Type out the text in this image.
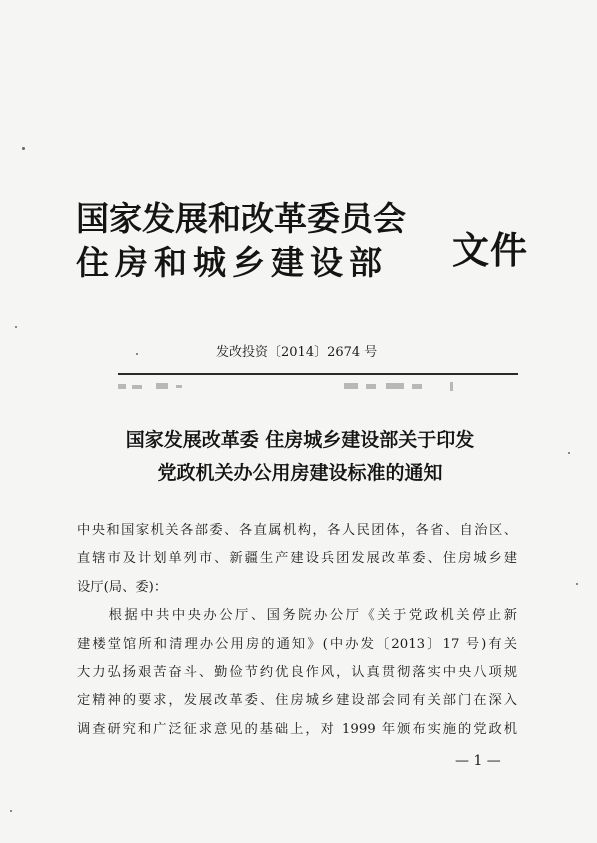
国家发展和改革委员会
住房和城乡建设部	文件
发改投资〔2014〕2674 号
国家发展改革委 住房城乡建设部关于印发
党政机关办公用房建设标准的通知
中央和国家机关各部委、各直属机构，各人民团体，各省、自治区、
直辖市及计划单列市、新疆生产建设兵团发展改革委、住房城乡建
设厅(局、委)：
　　根据中共中央办公厅、国务院办公厅《关于党政机关停止新
建楼堂馆所和清理办公用房的通知》(中办发〔2013〕17 号)有关
大力弘扬艰苦奋斗、勤俭节约优良作风，认真贯彻落实中央八项规
定精神的要求，发展改革委、住房城乡建设部会同有关部门在深入
调查研究和广泛征求意见的基础上，对 1999 年颁布实施的党政机
— 1 —
